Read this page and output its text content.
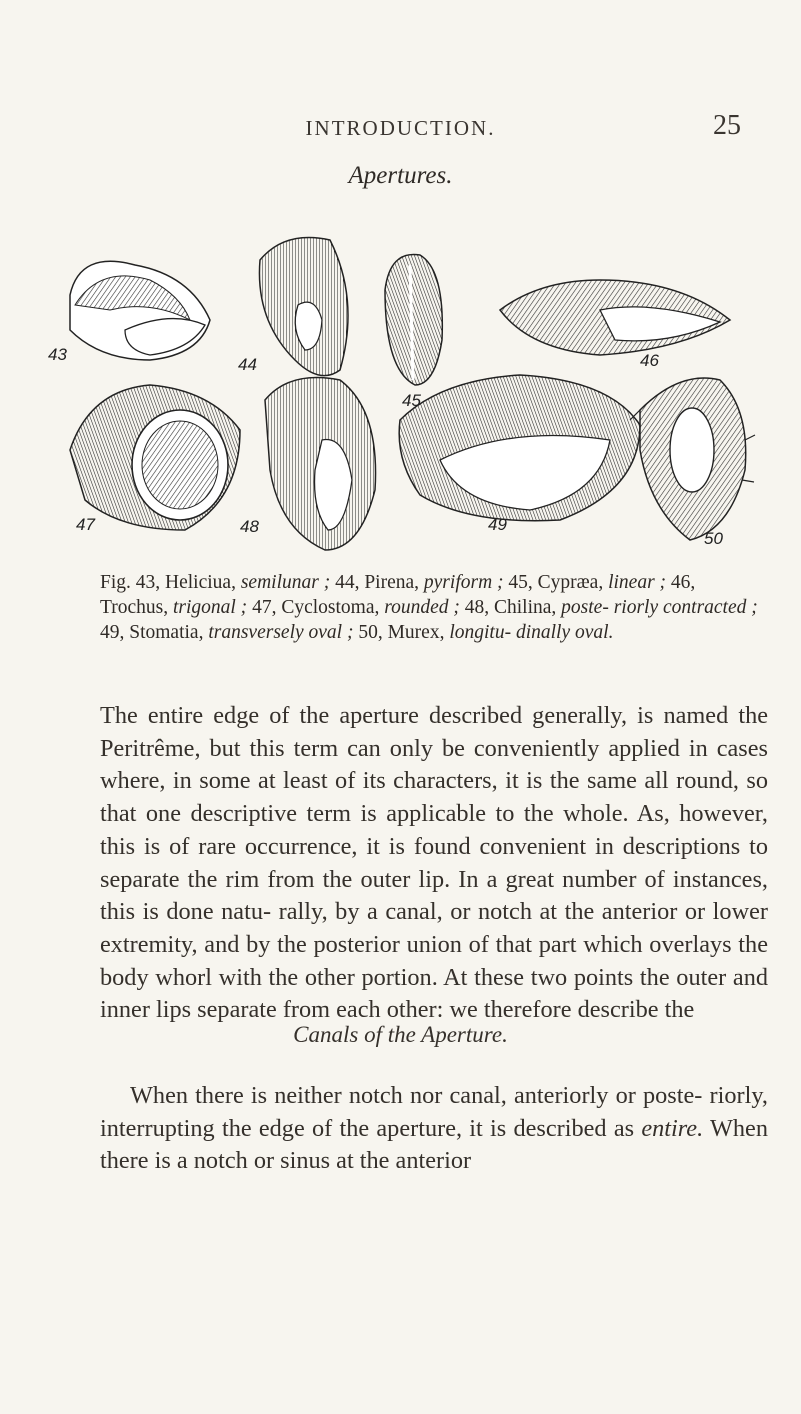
INTRODUCTION.	25
Apertures.
43
44
45
46
47	48	49
50
Fig. 43, Heliciua, semilunar ; 44, Pirena, pyriform ; 45, Cypræa, linear ; 46, Trochus, trigonal ; 47, Cyclostoma, rounded ; 48, Chilina, poste- riorly contracted ; 49, Stomatia, transversely oval ; 50, Murex, longitu- dinally oval.
The entire edge of the aperture described generally, is named the Peritrême, but this term can only be conveniently applied in cases where, in some at least of its characters, it is the same all round, so that one descriptive term is applicable to the whole. As, however, this is of rare occurrence, it is found convenient in descriptions to separate the rim from the outer lip. In a great number of instances, this is done natu- rally, by a canal, or notch at the anterior or lower extremity, and by the posterior union of that part which overlays the body whorl with the other portion. At these two points the outer and inner lips separate from each other: we therefore describe the
Canals of the Aperture.
When there is neither notch nor canal, anteriorly or poste- riorly, interrupting the edge of the aperture, it is described as entire. When there is a notch or sinus at the anterior
